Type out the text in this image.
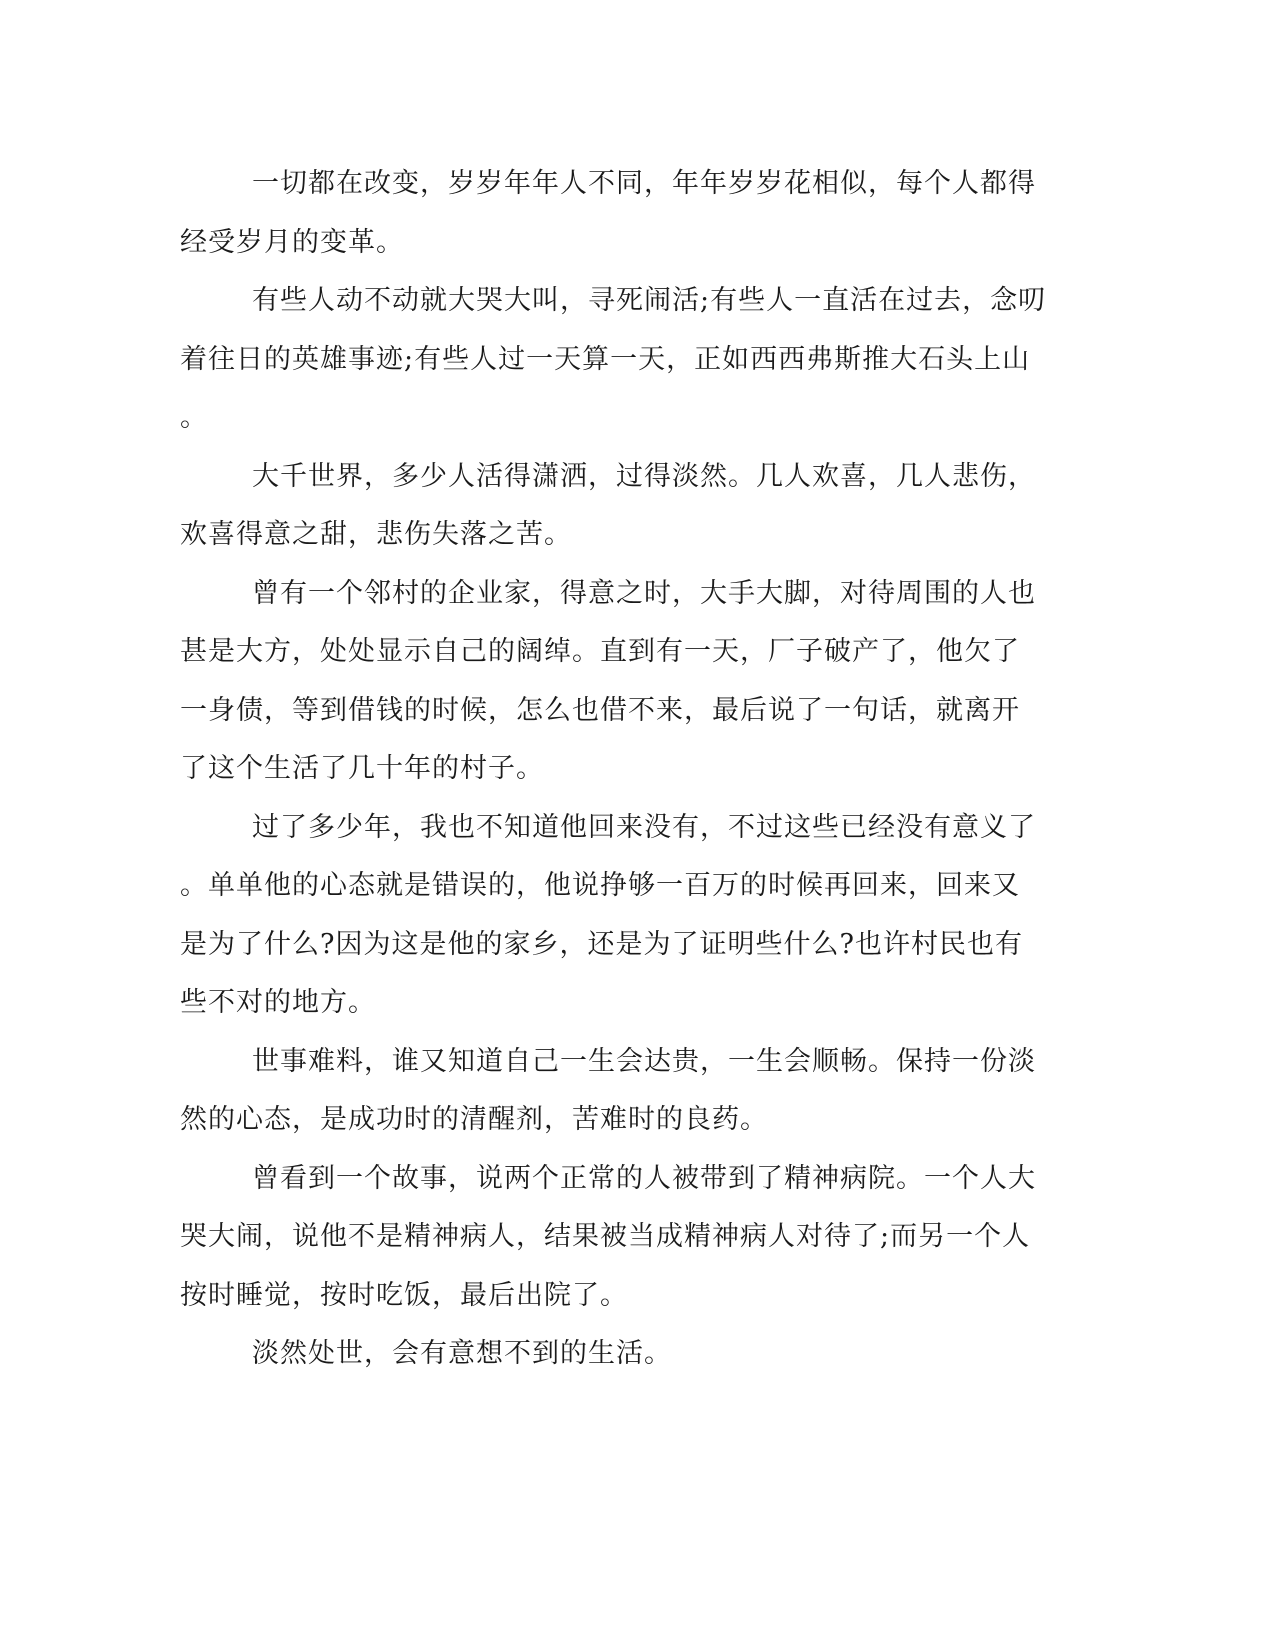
一切都在改变，岁岁年年人不同，年年岁岁花相似，每个人都得
经受岁月的变革。
有些人动不动就大哭大叫，寻死闹活;有些人一直活在过去，念叨
着往日的英雄事迹;有些人过一天算一天，正如西西弗斯推大石头上山
。
大千世界，多少人活得潇洒，过得淡然。几人欢喜，几人悲伤，
欢喜得意之甜，悲伤失落之苦。
曾有一个邻村的企业家，得意之时，大手大脚，对待周围的人也
甚是大方，处处显示自己的阔绰。直到有一天，厂子破产了，他欠了
一身债，等到借钱的时候，怎么也借不来，最后说了一句话，就离开
了这个生活了几十年的村子。
过了多少年，我也不知道他回来没有，不过这些已经没有意义了
。单单他的心态就是错误的，他说挣够一百万的时候再回来，回来又
是为了什么?因为这是他的家乡，还是为了证明些什么?也许村民也有
些不对的地方。
世事难料，谁又知道自己一生会达贵，一生会顺畅。保持一份淡
然的心态，是成功时的清醒剂，苦难时的良药。
曾看到一个故事，说两个正常的人被带到了精神病院。一个人大
哭大闹，说他不是精神病人，结果被当成精神病人对待了;而另一个人
按时睡觉，按时吃饭，最后出院了。
淡然处世，会有意想不到的生活。
